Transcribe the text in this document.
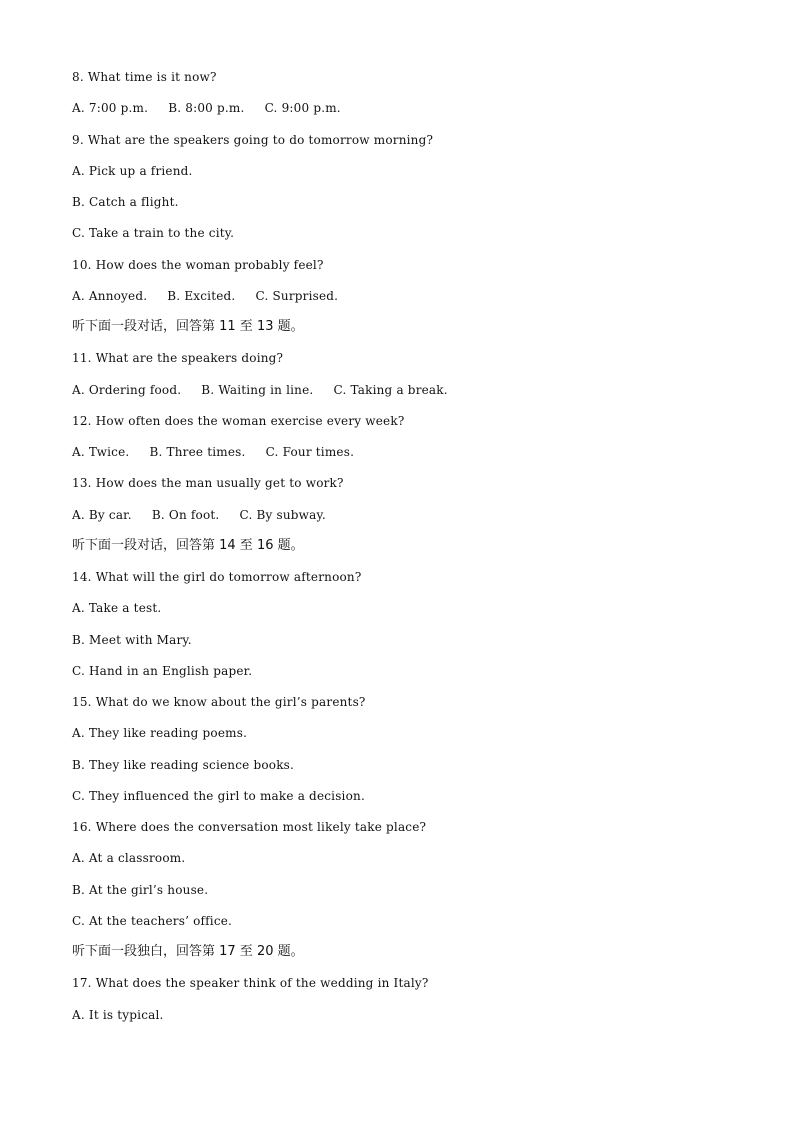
8. What time is it now?
A. 7:00 p.m.     B. 8:00 p.m.     C. 9:00 p.m.
9. What are the speakers going to do tomorrow morning?
A. Pick up a friend.
B. Catch a flight.
C. Take a train to the city.
10. How does the woman probably feel?
A. Annoyed.     B. Excited.     C. Surprised.
听下面一段对话，回答第 11 至 13 题。
11. What are the speakers doing?
A. Ordering food.     B. Waiting in line.     C. Taking a break.
12. How often does the woman exercise every week?
A. Twice.     B. Three times.     C. Four times.
13. How does the man usually get to work?
A. By car.     B. On foot.     C. By subway.
听下面一段对话，回答第 14 至 16 题。
14. What will the girl do tomorrow afternoon?
A. Take a test.
B. Meet with Mary.
C. Hand in an English paper.
15. What do we know about the girl’s parents?
A. They like reading poems.
B. They like reading science books.
C. They influenced the girl to make a decision.
16. Where does the conversation most likely take place?
A. At a classroom.
B. At the girl’s house.
C. At the teachers’ office.
听下面一段独白，回答第 17 至 20 题。
17. What does the speaker think of the wedding in Italy?
A. It is typical.
